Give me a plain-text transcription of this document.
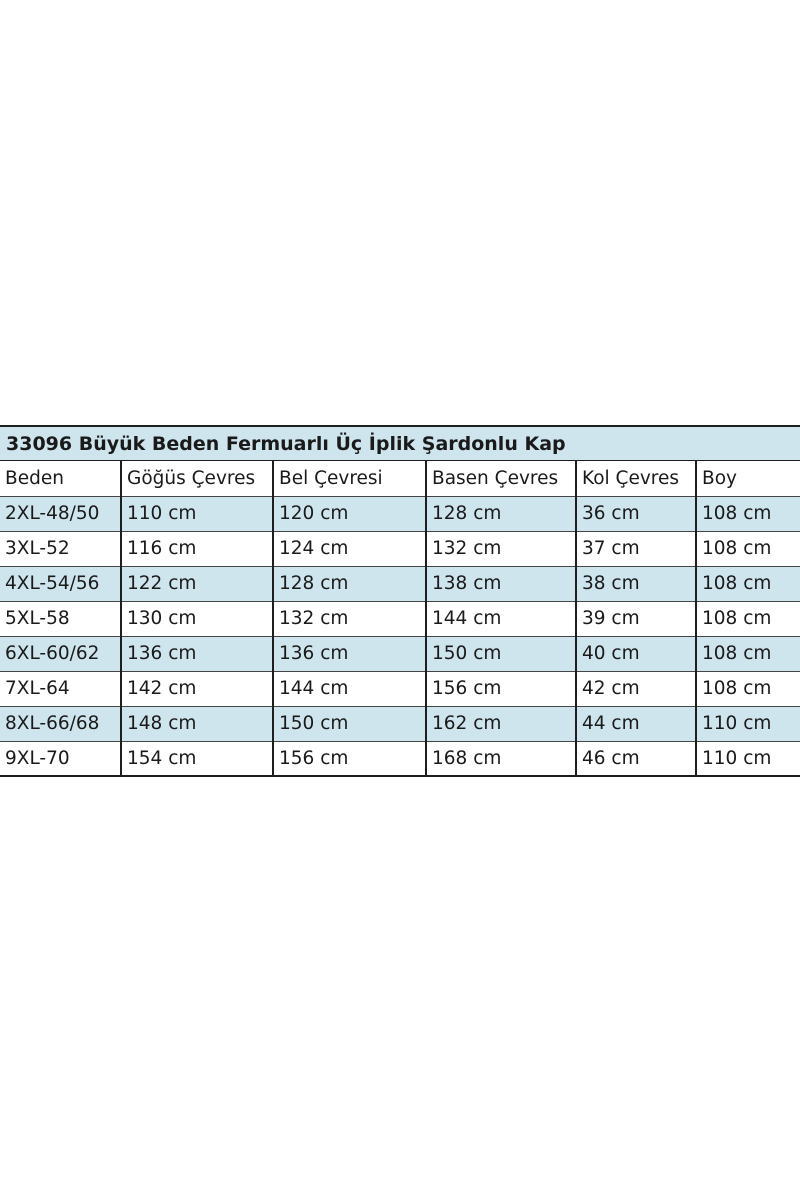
33096 Büyük Beden Fermuarlı Üç İplik Şardonlu Kap
Beden	Göğüs Çevres	Bel Çevresi	Basen Çevres	Kol Çevres	Boy
2XL-48/50	110 cm	120 cm	128 cm	36 cm	108 cm
3XL-52	116 cm	124 cm	132 cm	37 cm	108 cm
4XL-54/56	122 cm	128 cm	138 cm	38 cm	108 cm
5XL-58	130 cm	132 cm	144 cm	39 cm	108 cm
6XL-60/62	136 cm	136 cm	150 cm	40 cm	108 cm
7XL-64	142 cm	144 cm	156 cm	42 cm	108 cm
8XL-66/68	148 cm	150 cm	162 cm	44 cm	110 cm
9XL-70	154 cm	156 cm	168 cm	46 cm	110 cm
